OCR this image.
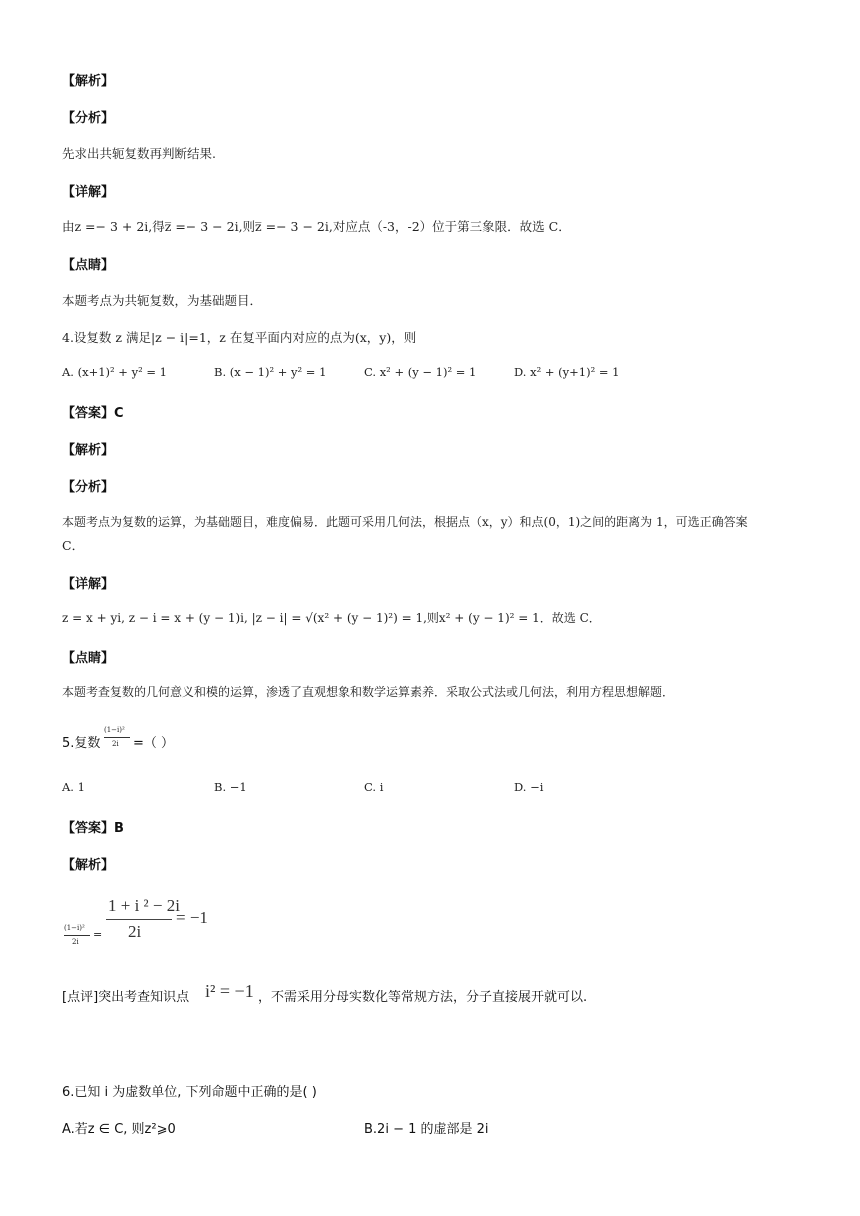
【解析】
【分析】
先求出共轭复数再判断结果.
【详解】
由z =− 3 + 2i,得z̅ =− 3 − 2i,则z̅ =− 3 − 2i,对应点（-3，-2）位于第三象限．故选 C．
【点睛】
本题考点为共轭复数，为基础题目．
4.设复数 z 满足|z − i|=1，z 在复平面内对应的点为(x，y)，则
A. (x+1)² + y² = 1	B. (x − 1)² + y² = 1	C. x² + (y − 1)² = 1	D. x² + (y+1)² = 1
【答案】C
【解析】
【分析】
本题考点为复数的运算，为基础题目，难度偏易．此题可采用几何法，根据点（x，y）和点(0，1)之间的距离为 1，可选正确答案
C．
【详解】
z = x + yi, z − i = x + (y − 1)i, |z − i| = √(x² + (y − 1)²) = 1,则x² + (y − 1)² = 1．故选 C．
【点睛】
本题考查复数的几何意义和模的运算，渗透了直观想象和数学运算素养．采取公式法或几何法，利用方程思想解题．
5.复数
(1−i)²
2i =（ ）
A. 1	B. −1	C. i	D. −i
【答案】B
【解析】
(1−i)²
2i
=
1 + i ² − 2i
2i
= −1
[点评]突出考查知识点 i² = −1 ，不需采用分母实数化等常规方法，分子直接展开就可以.
6.已知 i 为虚数单位, 下列命题中正确的是( )
A.若z ∈ C, 则z²⩾0	B.2i − 1 的虚部是 2i
